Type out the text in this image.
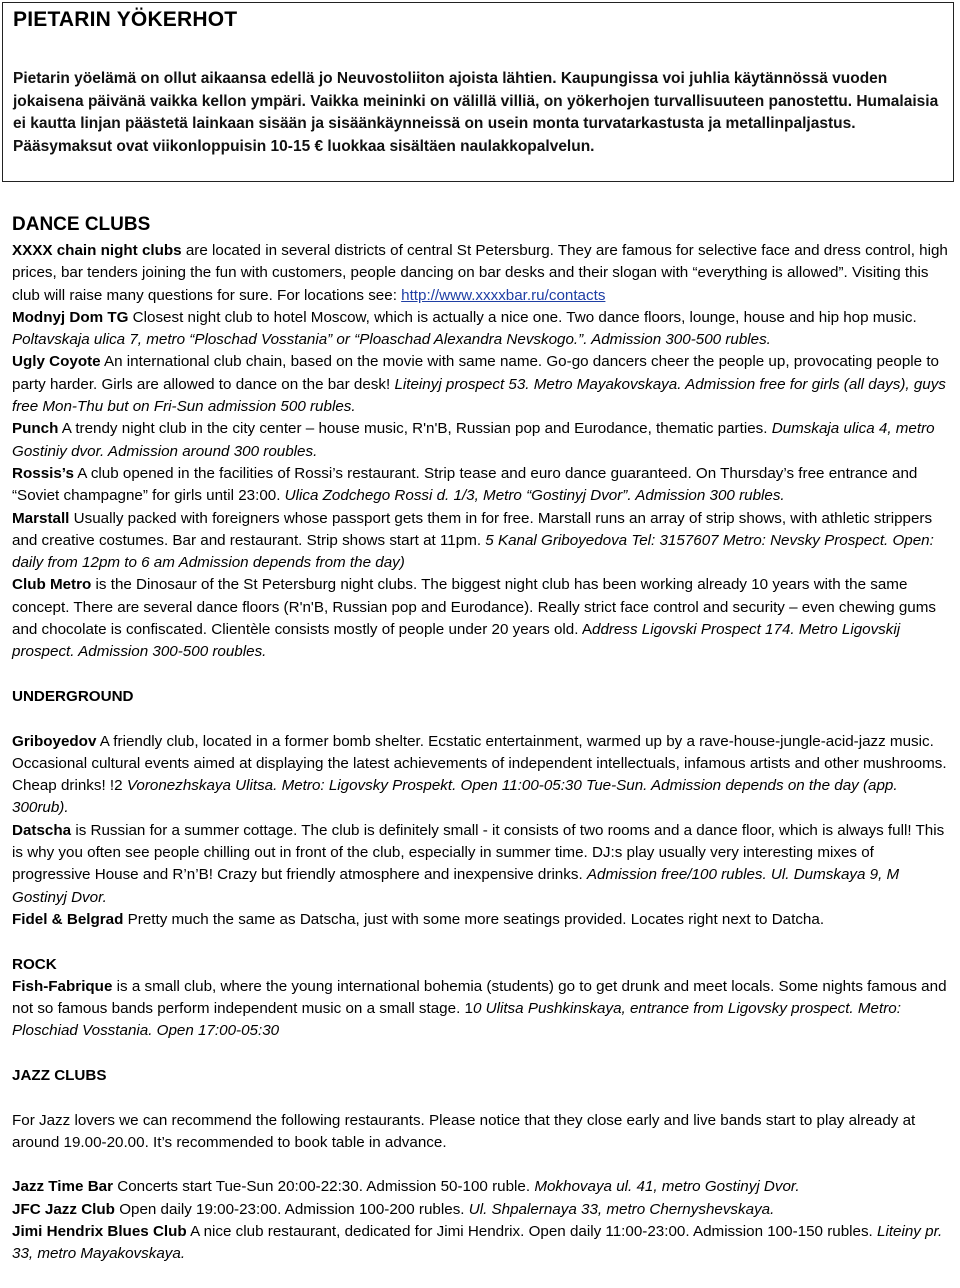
PIETARIN YÖKERHOT

Pietarin yöelämä on ollut aikaansa edellä jo Neuvostoliiton ajoista lähtien. Kaupungissa voi juhlia käytännössä vuoden jokaisena päivänä vaikka kellon ympäri. Vaikka meininki on välillä villiä, on yökerhojen turvallisuuteen panostettu. Humalaisia ei kautta linjan päästetä lainkaan sisään ja sisäänkäynneissä on usein monta turvatarkastusta ja metallinpaljastus. Pääsymaksut ovat viikonloppuisin 10-15 € luokkaa sisältäen naulakkopalvelun.

DANCE CLUBS

XXXX chain night clubs are located in several districts of central St Petersburg. They are famous for selective face and dress control, high prices, bar tenders joining the fun with customers, people dancing on bar desks and their slogan with “everything is allowed”. Visiting this club will raise many questions for sure. For locations see: http://www.xxxxbar.ru/contacts

Modnyj Dom TG Closest night club to hotel Moscow, which is actually a nice one. Two dance floors, lounge, house and hip hop music. Poltavskaja ulica 7, metro “Ploschad Vosstania” or “Ploaschad Alexandra Nevskogo.”. Admission 300-500 rubles.

Ugly Coyote An international club chain, based on the movie with same name. Go-go dancers cheer the people up, provocating people to party harder. Girls are allowed to dance on the bar desk! Liteinyj prospect 53. Metro Mayakovskaya. Admission free for girls (all days), guys free Mon-Thu but on Fri-Sun admission 500 rubles.

Punch A trendy night club in the city center – house music, R'n'B, Russian pop and Eurodance, thematic parties. Dumskaja ulica 4, metro Gostiniy dvor. Admission around 300 roubles.

Rossis’s A club opened in the facilities of Rossi’s restaurant. Strip tease and euro dance guaranteed. On Thursday’s free entrance and “Soviet champagne” for girls until 23:00. Ulica Zodchego Rossi d. 1/3, Metro “Gostinyj Dvor”. Admission 300 rubles.

Marstall Usually packed with foreigners whose passport gets them in for free. Marstall runs an array of strip shows, with athletic strippers and creative costumes. Bar and restaurant. Strip shows start at 11pm. 5 Kanal Griboyedova Tel: 3157607 Metro: Nevsky Prospect. Open: daily from 12pm to 6 am Admission depends from the day)

Club Metro is the Dinosaur of the St Petersburg night clubs. The biggest night club has been working already 10 years with the same concept. There are several dance floors (R'n'B, Russian pop and Eurodance). Really strict face control and security – even chewing gums and chocolate is confiscated. Clientèle consists mostly of people under 20 years old. Address Ligovski Prospect 174. Metro Ligovskij prospect. Admission 300-500 roubles.

UNDERGROUND

Griboyedov A friendly club, located in a former bomb shelter. Ecstatic entertainment, warmed up by a rave-house-jungle-acid-jazz music. Occasional cultural events aimed at displaying the latest achievements of independent intellectuals, infamous artists and other mushrooms. Cheap drinks! !2 Voronezhskaya Ulitsa. Metro: Ligovsky Prospekt. Open 11:00-05:30 Tue-Sun. Admission depends on the day (app. 300rub).

Datscha is Russian for a summer cottage. The club is definitely small - it consists of two rooms and a dance floor, which is always full! This is why you often see people chilling out in front of the club, especially in summer time. DJ:s play usually very interesting mixes of progressive House and R’n’B! Crazy but friendly atmosphere and inexpensive drinks. Admission free/100 rubles. Ul. Dumskaya 9, M Gostinyj Dvor.

Fidel & Belgrad Pretty much the same as Datscha, just with some more seatings provided. Locates right next to Datcha.

ROCK

Fish-Fabrique is a small club, where the young international bohemia (students) go to get drunk and meet locals. Some nights famous and not so famous bands perform independent music on a small stage. 10 Ulitsa Pushkinskaya, entrance from Ligovsky prospect. Metro: Ploschiad Vosstania. Open 17:00-05:30

JAZZ CLUBS

For Jazz lovers we can recommend the following restaurants. Please notice that they close early and live bands start to play already at around 19.00-20.00. It’s recommended to book table in advance.

Jazz Time Bar Concerts start Tue-Sun 20:00-22:30. Admission 50-100 ruble. Mokhovaya ul. 41, metro Gostinyj Dvor.

JFC Jazz Club Open daily 19:00-23:00. Admission 100-200 rubles. Ul. Shpalernaya 33, metro Chernyshevskaya.

Jimi Hendrix Blues Club A nice club restaurant, dedicated for Jimi Hendrix. Open daily 11:00-23:00. Admission 100-150 rubles. Liteiny pr. 33, metro Mayakovskaya.
